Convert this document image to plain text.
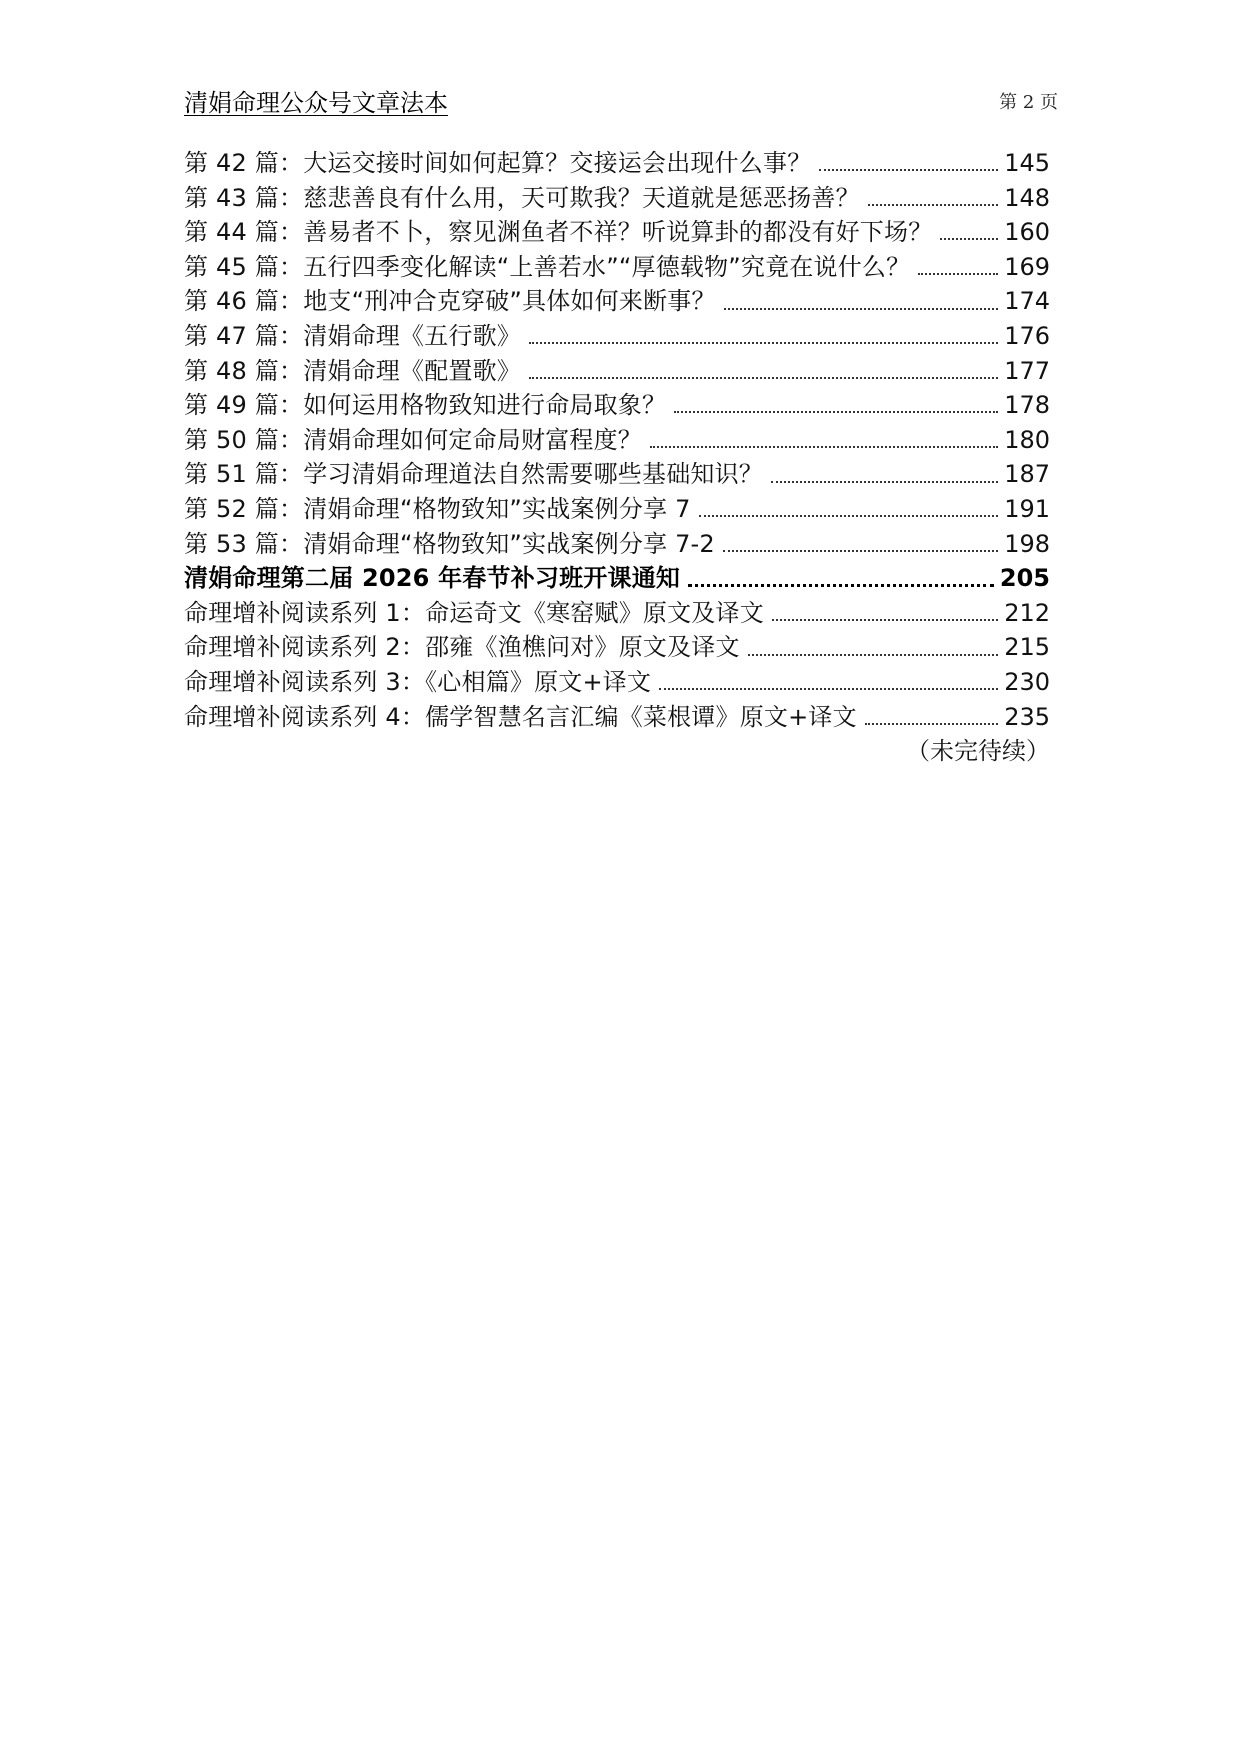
清娟命理公众号文章法本	第 2 页
第 42 篇：大运交接时间如何起算？交接运会出现什么事？	145
第 43 篇：慈悲善良有什么用，天可欺我？天道就是惩恶扬善？	148
第 44 篇：善易者不卜，察见渊鱼者不祥？听说算卦的都没有好下场？	160
第 45 篇：五行四季变化解读“上善若水”“厚德载物”究竟在说什么？	169
第 46 篇：地支“刑冲合克穿破”具体如何来断事？	174
第 47 篇：清娟命理《五行歌》	176
第 48 篇：清娟命理《配置歌》	177
第 49 篇：如何运用格物致知进行命局取象？	178
第 50 篇：清娟命理如何定命局财富程度？	180
第 51 篇：学习清娟命理道法自然需要哪些基础知识？	187
第 52 篇：清娟命理“格物致知”实战案例分享 7	191
第 53 篇：清娟命理“格物致知”实战案例分享 7-2	198
清娟命理第二届 2026 年春节补习班开课通知	205
命理增补阅读系列 1：命运奇文《寒窑赋》原文及译文	212
命理增补阅读系列 2：邵雍《渔樵问对》原文及译文	215
命理增补阅读系列 3：《心相篇》原文+译文	230
命理增补阅读系列 4：儒学智慧名言汇编《菜根谭》原文+译文	235
（未完待续）
